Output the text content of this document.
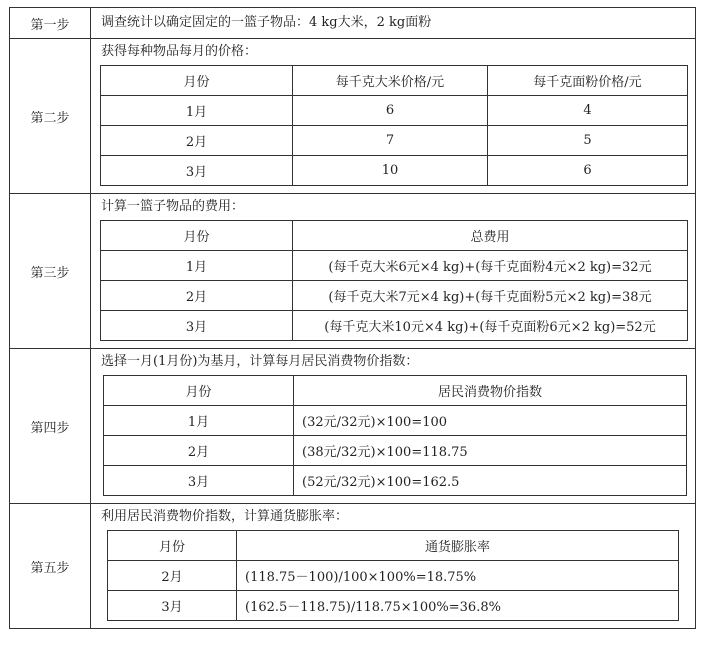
第一步	调查统计以确定固定的一篮子物品：4 kg大米，2 kg面粉

第二步	
获得每种物品每月的价格：
月份	每千克大米价格/元	每千克面粉价格/元
1月	6	4
2月	7	5
3月	10	6

第三步	
计算一篮子物品的费用：
月份	总费用
1月	(每千克大米6元×4 kg)+(每千克面粉4元×2 kg)=32元
2月	(每千克大米7元×4 kg)+(每千克面粉5元×2 kg)=38元
3月	(每千克大米10元×4 kg)+(每千克面粉6元×2 kg)=52元

第四步	
选择一月(1月份)为基月，计算每月居民消费物价指数：
月份	居民消费物价指数
1月	(32元/32元)×100=100
2月	(38元/32元)×100=118.75
3月	(52元/32元)×100=162.5

第五步	
利用居民消费物价指数，计算通货膨胀率：
月份	通货膨胀率
2月	(118.75－100)/100×100%=18.75%
3月	(162.5－118.75)/118.75×100%=36.8%
